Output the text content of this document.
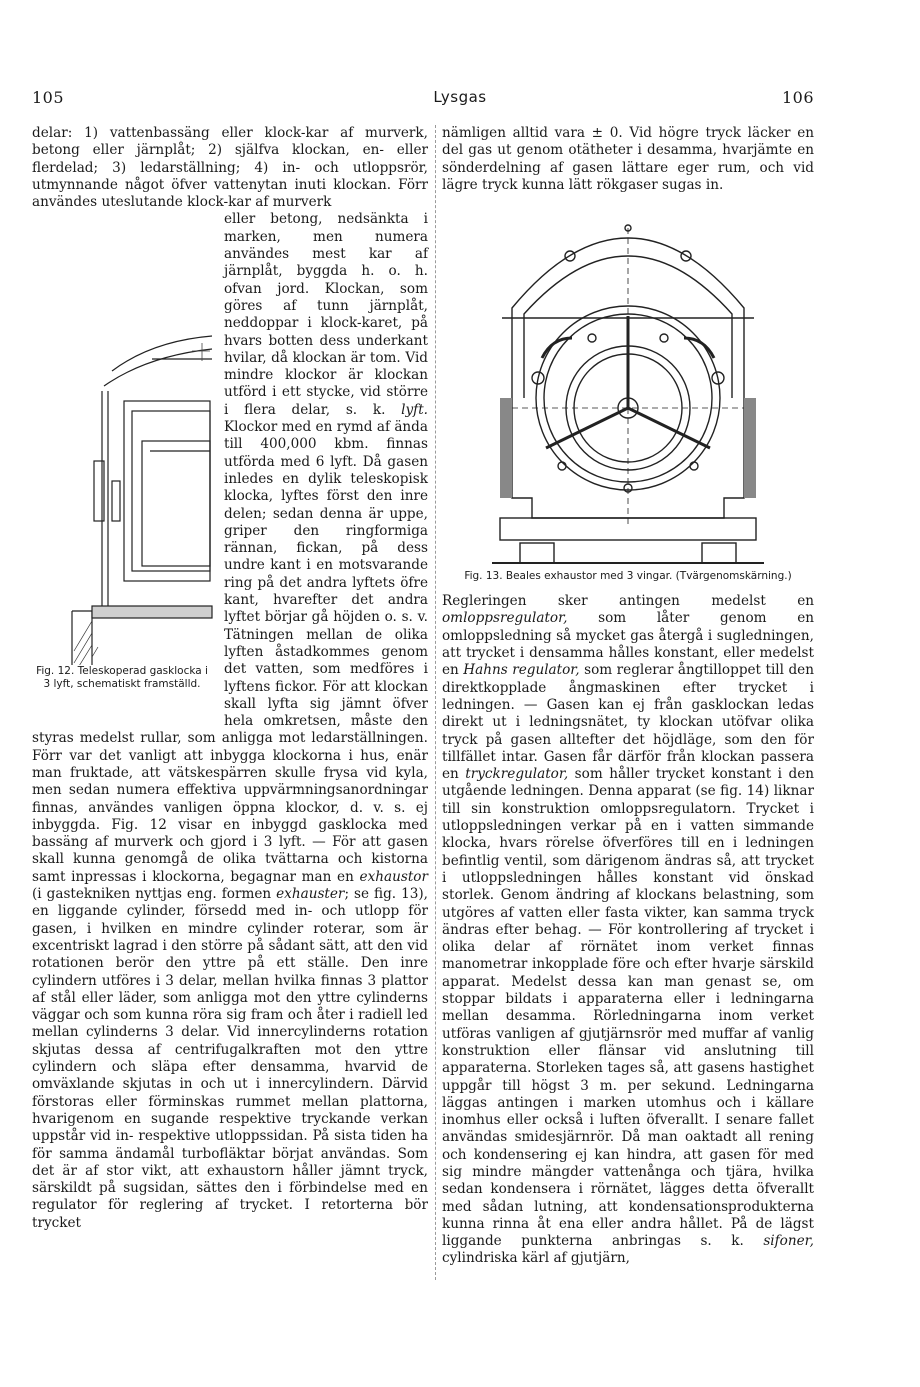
105	Lysgas	106

delar: 1) vattenbassäng eller klock-kar af murverk, betong eller järnplåt; 2) själfva klockan, en- eller flerdelad; 3) ledarställning; 4) in- och utloppsrör, utmynnande något öfver vattenytan inuti klockan. Förr användes uteslutande klock-kar af murverk

Fig. 12. Teleskoperad gasklocka i 3 lyft, schematiskt framställd.
eller betong, nedsänkta i marken, men numera användes mest kar af järnplåt, byggda h. o. h. ofvan jord. Klockan, som göres af tunn järnplåt, neddoppar i klock-karet, på hvars botten dess underkant hvilar, då klockan är tom. Vid mindre klockor är klockan utförd i ett stycke, vid större i flera delar, s. k. lyft. Klockor med en rymd af ända till 400,000 kbm. finnas utförda med 6 lyft. Då gasen inledes en dylik teleskopisk klocka, lyftes först den inre delen; sedan denna är uppe, griper den ringformiga rännan, fickan, på dess undre kant i en motsvarande ring på det andra lyftets öfre kant, hvarefter det andra lyftet börjar gå höjden o. s. v. Tätningen mellan de olika lyften åstadkommes genom det vatten, som medföres i lyftens fickor. För att klockan skall lyfta sig jämnt öfver hela omkretsen, måste den styras medelst rullar, som anligga mot ledarställningen. Förr var det vanligt att inbygga klockorna i hus, enär man fruktade, att vätskespärren skulle frysa vid kyla, men sedan numera effektiva uppvärmningsanordningar finnas, användes vanligen öppna klockor, d. v. s. ej inbyggda. Fig. 12 visar en inbyggd gasklocka med bassäng af murverk och gjord i 3 lyft. — För att gasen skall kunna genomgå de olika tvättarna och kistorna samt inpressas i klockorna, begagnar man en exhaustor (i gastekniken nyttjas eng. formen exhauster; se fig. 13), en liggande cylinder, försedd med in- och utlopp för gasen, i hvilken en mindre cylinder roterar, som är excentriskt lagrad i den större på sådant sätt, att den vid rotationen berör den yttre på ett ställe. Den inre cylindern utföres i 3 delar, mellan hvilka finnas 3 plattor af stål eller läder, som anligga mot den yttre cylinderns väggar och som kunna röra sig fram och åter i radiell led mellan cylinderns 3 delar. Vid innercylinderns rotation skjutas dessa af centrifugalkraften mot den yttre cylindern och släpa efter densamma, hvarvid de omväxlande skjutas in och ut i innercylindern. Därvid förstoras eller förminskas rummet mellan plattorna, hvarigenom en sugande respektive tryckande verkan uppstår vid in- respektive utloppssidan. På sista tiden ha för samma ändamål turbofläktar börjat användas. Som det är af stor vikt, att exhaustorn håller jämnt tryck, särskildt på sugsidan, sättes den i förbindelse med en regulator för reglering af trycket. I retorterna bör trycket

nämligen alltid vara ± 0. Vid högre tryck läcker en del gas ut genom otätheter i desamma, hvarjämte en sönderdelning af gasen lättare eger rum, och vid lägre tryck kunna lätt rökgaser sugas in.

Fig. 13. Beales exhaustor med 3 vingar. (Tvärgenomskärning.)

Regleringen sker antingen medelst en omloppsregulator, som låter genom en omloppsledning så mycket gas återgå i sugledningen, att trycket i densamma hålles konstant, eller medelst en Hahns regulator, som reglerar ångtilloppet till den direktkopplade ångmaskinen efter trycket i ledningen. — Gasen kan ej från gasklockan ledas direkt ut i ledningsnätet, ty klockan utöfvar olika tryck på gasen alltefter det höjdläge, som den för tillfället intar. Gasen får därför från klockan passera en tryckregulator, som håller trycket konstant i den utgående ledningen. Denna apparat (se fig. 14) liknar till sin konstruktion omloppsregulatorn. Trycket i utloppsledningen verkar på en i vatten simmande klocka, hvars rörelse öfverföres till en i ledningen befintlig ventil, som därigenom ändras så, att trycket i utloppsledningen hålles konstant vid önskad storlek. Genom ändring af klockans belastning, som utgöres af vatten eller fasta vikter, kan samma tryck ändras efter behag. — För kontrollering af trycket i olika delar af rörnätet inom verket finnas manometrar inkopplade före och efter hvarje särskild apparat. Medelst dessa kan man genast se, om stoppar bildats i apparaterna eller i ledningarna mellan desamma. Rörledningarna inom verket utföras vanligen af gjutjärnsrör med muffar af vanlig konstruktion eller flänsar vid anslutning till apparaterna. Storleken tages så, att gasens hastighet uppgår till högst 3 m. per sekund. Ledningarna läggas antingen i marken utomhus och i källare inomhus eller också i luften öfverallt. I senare fallet användas smidesjärnrör. Då man oaktadt all rening och kondensering ej kan hindra, att gasen för med sig mindre mängder vattenånga och tjära, hvilka sedan kondensera i rörnätet, lägges detta öfverallt med sådan lutning, att kondensationsprodukterna kunna rinna åt ena eller andra hållet. På de lägst liggande punkterna anbringas s. k. sifoner, cylindriska kärl af gjutjärn,
